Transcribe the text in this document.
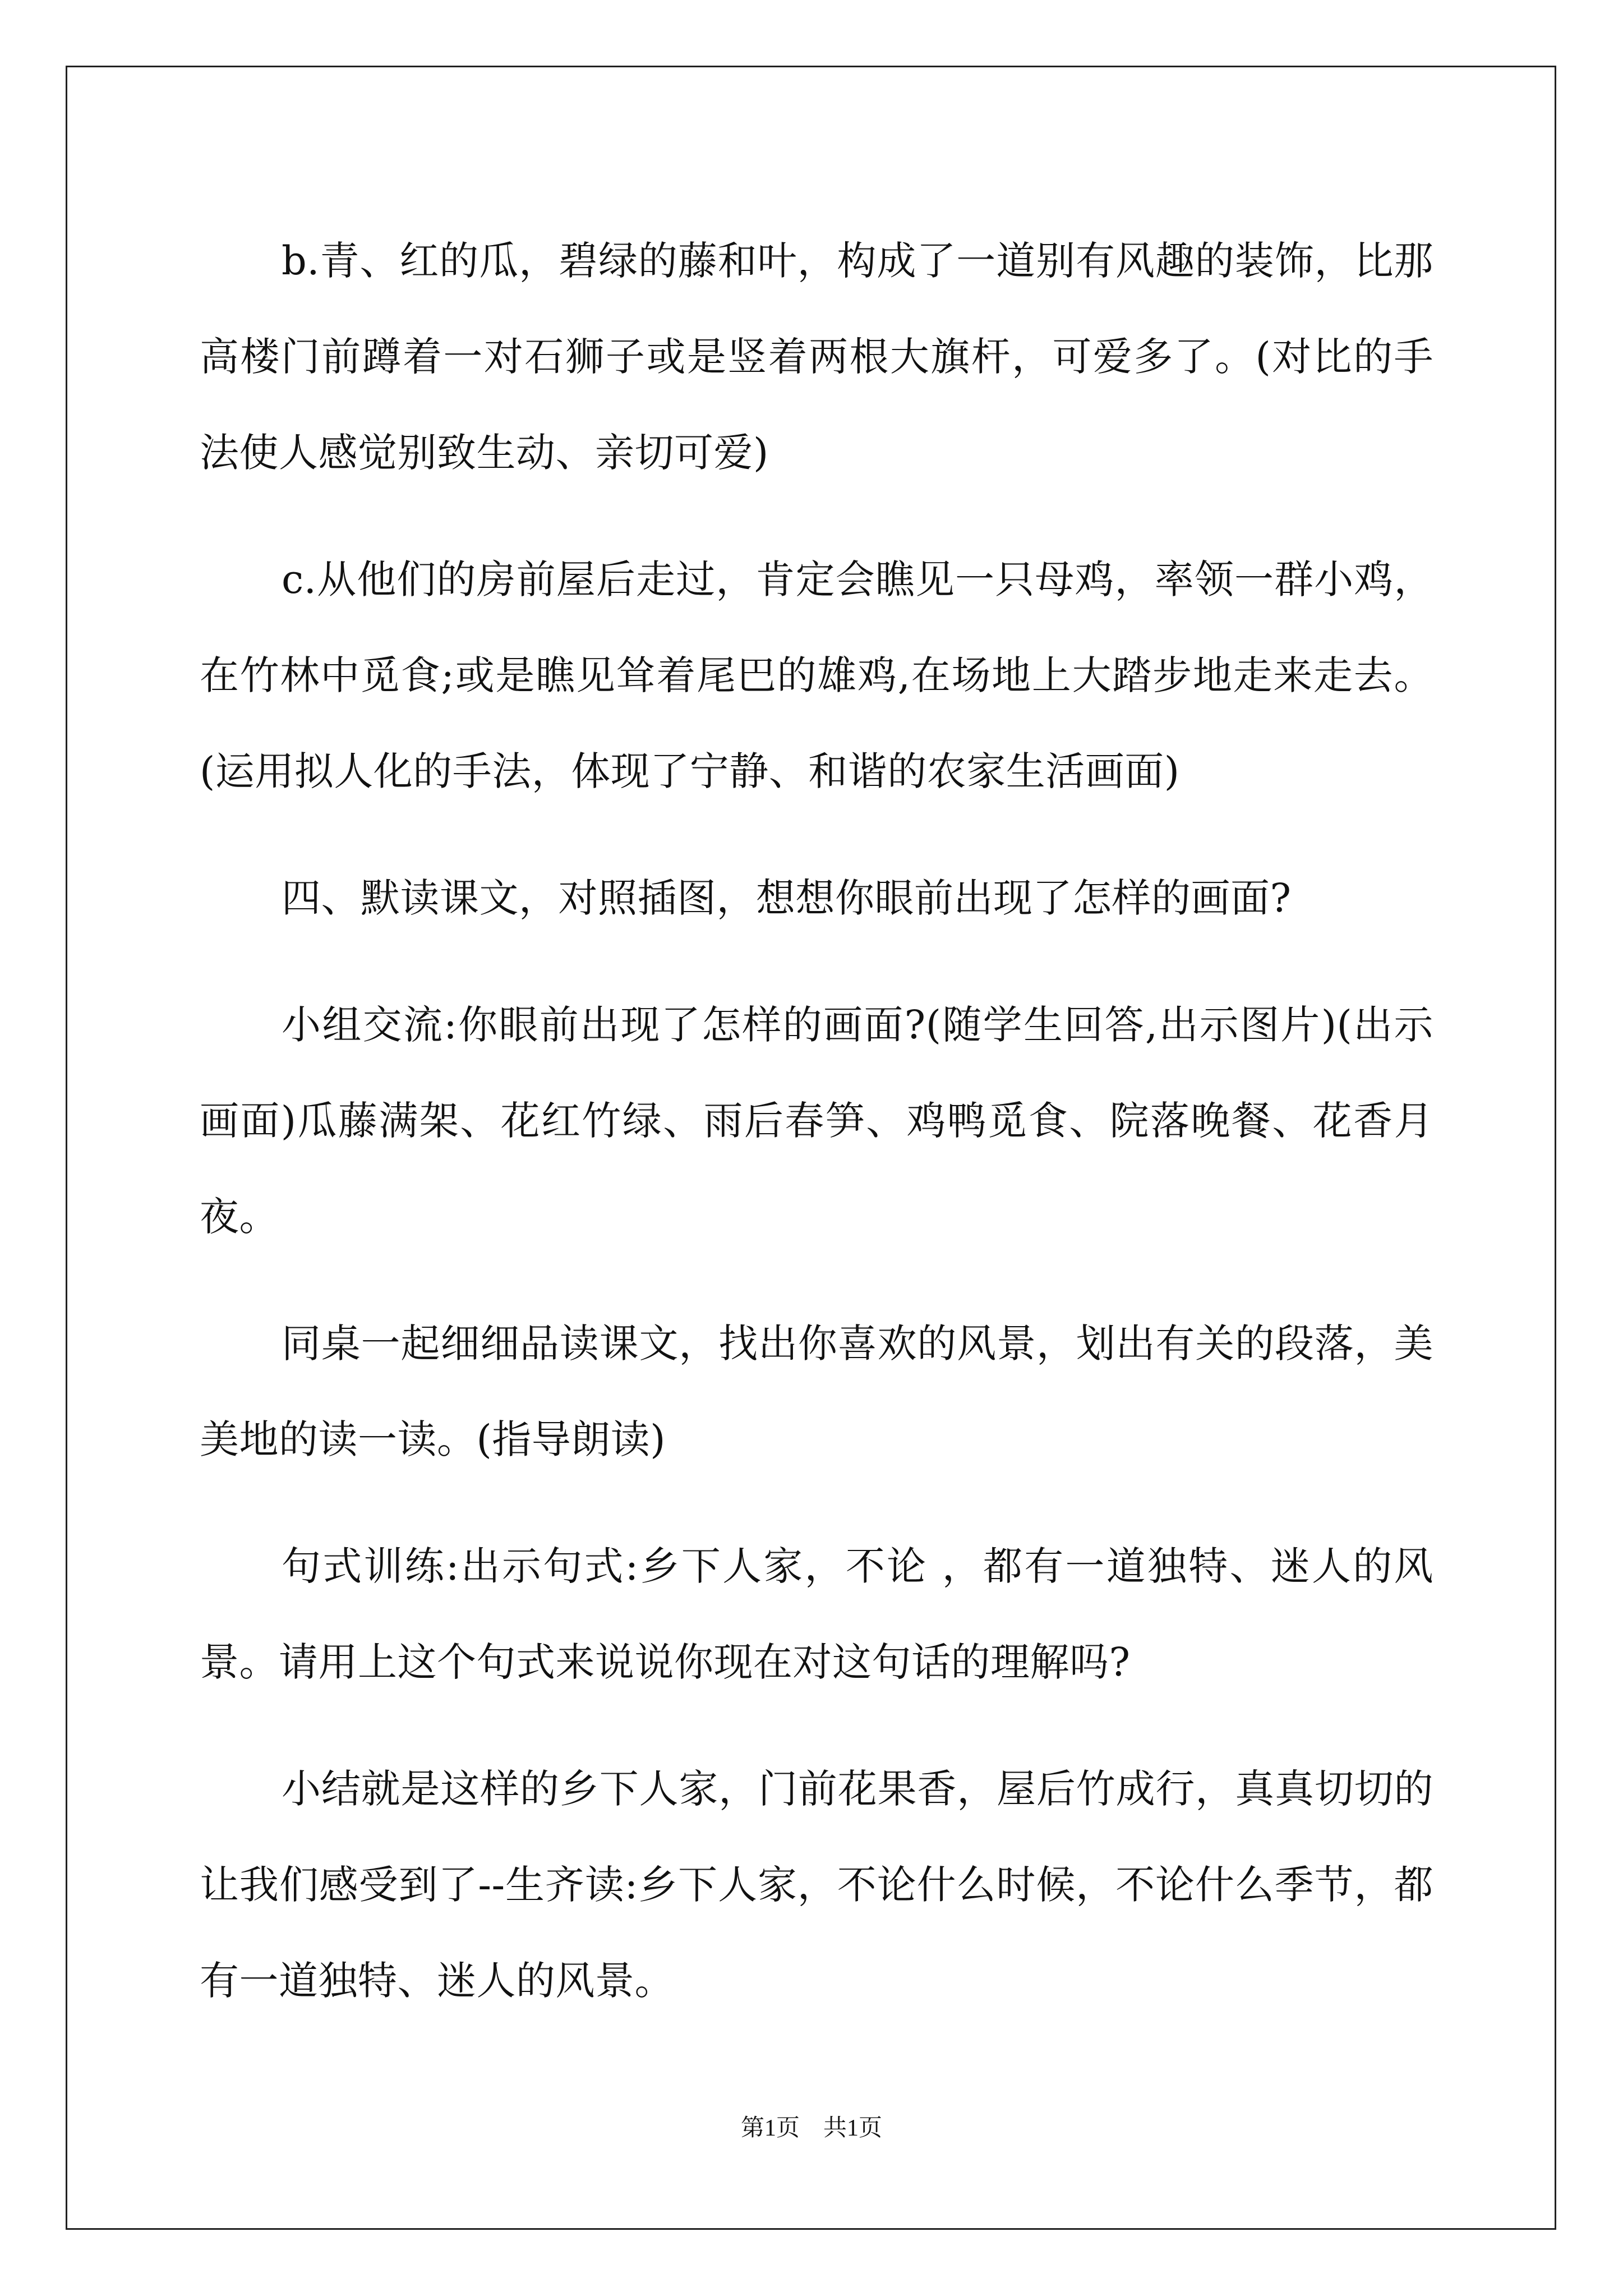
b.青、红的瓜，碧绿的藤和叶，构成了一道别有风趣的装饰，比那高楼门前蹲着一对石狮子或是竖着两根大旗杆，可爱多了。(对比的手法使人感觉别致生动、亲切可爱)

c.从他们的房前屋后走过，肯定会瞧见一只母鸡，率领一群小鸡，在竹林中觅食;或是瞧见耸着尾巴的雄鸡,在场地上大踏步地走来走去。(运用拟人化的手法，体现了宁静、和谐的农家生活画面)

四、默读课文，对照插图，想想你眼前出现了怎样的画面?

小组交流:你眼前出现了怎样的画面?(随学生回答,出示图片)(出示画面)瓜藤满架、花红竹绿、雨后春笋、鸡鸭觅食、院落晚餐、花香月夜。

同桌一起细细品读课文，找出你喜欢的风景，划出有关的段落，美美地的读一读。(指导朗读)

句式训练:出示句式:乡下人家，不论 ，都有一道独特、迷人的风景。请用上这个句式来说说你现在对这句话的理解吗?

小结就是这样的乡下人家，门前花果香，屋后竹成行，真真切切的让我们感受到了--生齐读:乡下人家，不论什么时候，不论什么季节，都有一道独特、迷人的风景。

第1页　共1页
